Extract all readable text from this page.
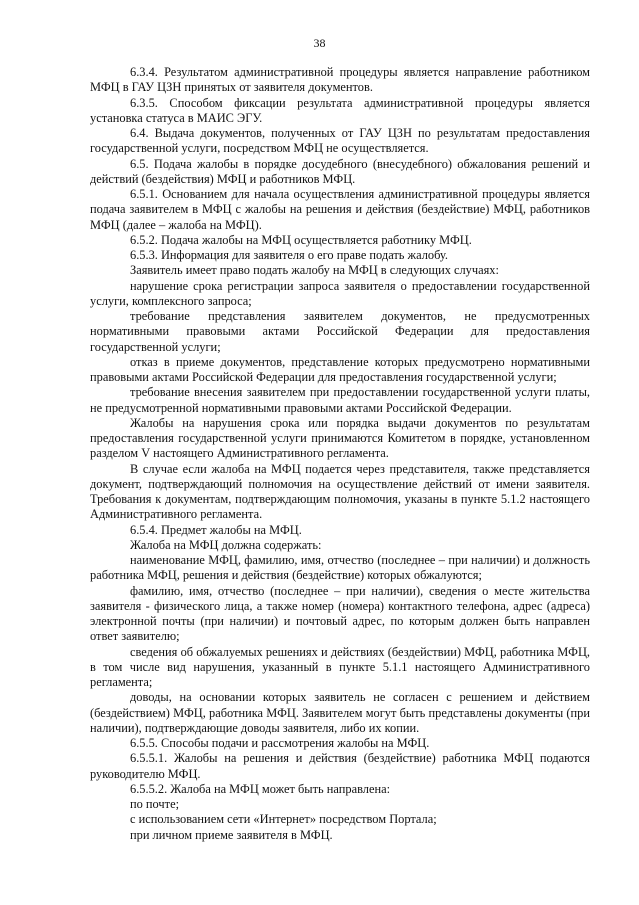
38

6.3.4. Результатом административной процедуры является направление работником МФЦ в ГАУ ЦЗН принятых от заявителя документов.

6.3.5. Способом фиксации результата административной процедуры является установка статуса в МАИС ЭГУ.

6.4. Выдача документов, полученных от ГАУ ЦЗН по результатам предоставления государственной услуги, посредством МФЦ не осуществляется.

6.5. Подача жалобы в порядке досудебного (внесудебного) обжалования решений и действий (бездействия) МФЦ и работников МФЦ.

6.5.1. Основанием для начала осуществления административной процедуры является подача заявителем в МФЦ с жалобы на решения и действия (бездействие) МФЦ, работников МФЦ (далее – жалоба на МФЦ).

6.5.2. Подача жалобы на МФЦ осуществляется работнику МФЦ.

6.5.3. Информация для заявителя о его праве подать жалобу.

Заявитель имеет право подать жалобу на МФЦ в следующих случаях:

нарушение срока регистрации запроса заявителя о предоставлении государственной услуги, комплексного запроса;

требование представления заявителем документов, не предусмотренных нормативными правовыми актами Российской Федерации для предоставления государственной услуги;

отказ в приеме документов, представление которых предусмотрено нормативными правовыми актами Российской Федерации для предоставления государственной услуги;

требование внесения заявителем при предоставлении государственной услуги платы, не предусмотренной нормативными правовыми актами Российской Федерации.

Жалобы на нарушения срока или порядка выдачи документов по результатам предоставления государственной услуги принимаются Комитетом в порядке, установленном разделом V настоящего Административного регламента.

В случае если жалоба на МФЦ подается через представителя, также представляется документ, подтверждающий полномочия на осуществление действий от имени заявителя. Требования к документам, подтверждающим полномочия, указаны в пункте 5.1.2 настоящего Административного регламента.

6.5.4. Предмет жалобы на МФЦ.

Жалоба на МФЦ должна содержать:

наименование МФЦ, фамилию, имя, отчество (последнее – при наличии) и должность работника МФЦ, решения и действия (бездействие) которых обжалуются;

фамилию, имя, отчество (последнее – при наличии), сведения о месте жительства заявителя - физического лица, а также номер (номера) контактного телефона, адрес (адреса) электронной почты (при наличии) и почтовый адрес, по которым должен быть направлен ответ заявителю;

сведения об обжалуемых решениях и действиях (бездействии) МФЦ, работника МФЦ, в том числе вид нарушения, указанный в пункте 5.1.1 настоящего Административного регламента;

доводы, на основании которых заявитель не согласен с решением и действием (бездействием) МФЦ, работника МФЦ. Заявителем могут быть представлены документы (при наличии), подтверждающие доводы заявителя, либо их копии.

6.5.5. Способы подачи и рассмотрения жалобы на МФЦ.

6.5.5.1. Жалобы на решения и действия (бездействие) работника МФЦ подаются руководителю МФЦ.

6.5.5.2. Жалоба на МФЦ может быть направлена:

по почте;

с использованием сети «Интернет» посредством Портала;

при личном приеме заявителя в МФЦ.
